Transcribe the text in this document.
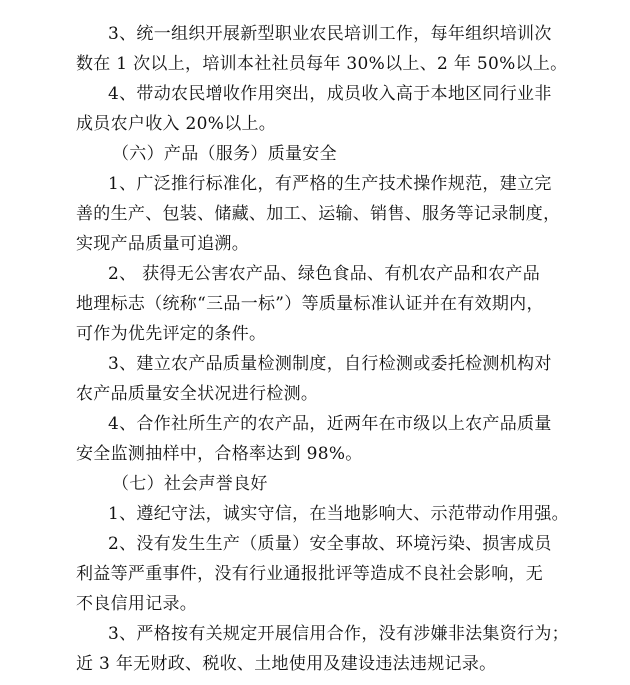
3、统一组织开展新型职业农民培训工作，每年组织培训次
数在 1 次以上，培训本社社员每年 30%以上、2 年 50%以上。
4、带动农民增收作用突出，成员收入高于本地区同行业非
成员农户收入 20%以上。
（六）产品（服务）质量安全
1、广泛推行标准化，有严格的生产技术操作规范，建立完
善的生产、包装、储藏、加工、运输、销售、服务等记录制度，
实现产品质量可追溯。
2、 获得无公害农产品、绿色食品、有机农产品和农产品
地理标志（统称“三品一标”）等质量标准认证并在有效期内，
可作为优先评定的条件。
3、建立农产品质量检测制度，自行检测或委托检测机构对
农产品质量安全状况进行检测。
4、合作社所生产的农产品，近两年在市级以上农产品质量
安全监测抽样中，合格率达到 98%。
（七）社会声誉良好
1、遵纪守法，诚实守信，在当地影响大、示范带动作用强。
2、没有发生生产（质量）安全事故、环境污染、损害成员
利益等严重事件，没有行业通报批评等造成不良社会影响，无
不良信用记录。
3、严格按有关规定开展信用合作，没有涉嫌非法集资行为；
近 3 年无财政、税收、土地使用及建设违法违规记录。
